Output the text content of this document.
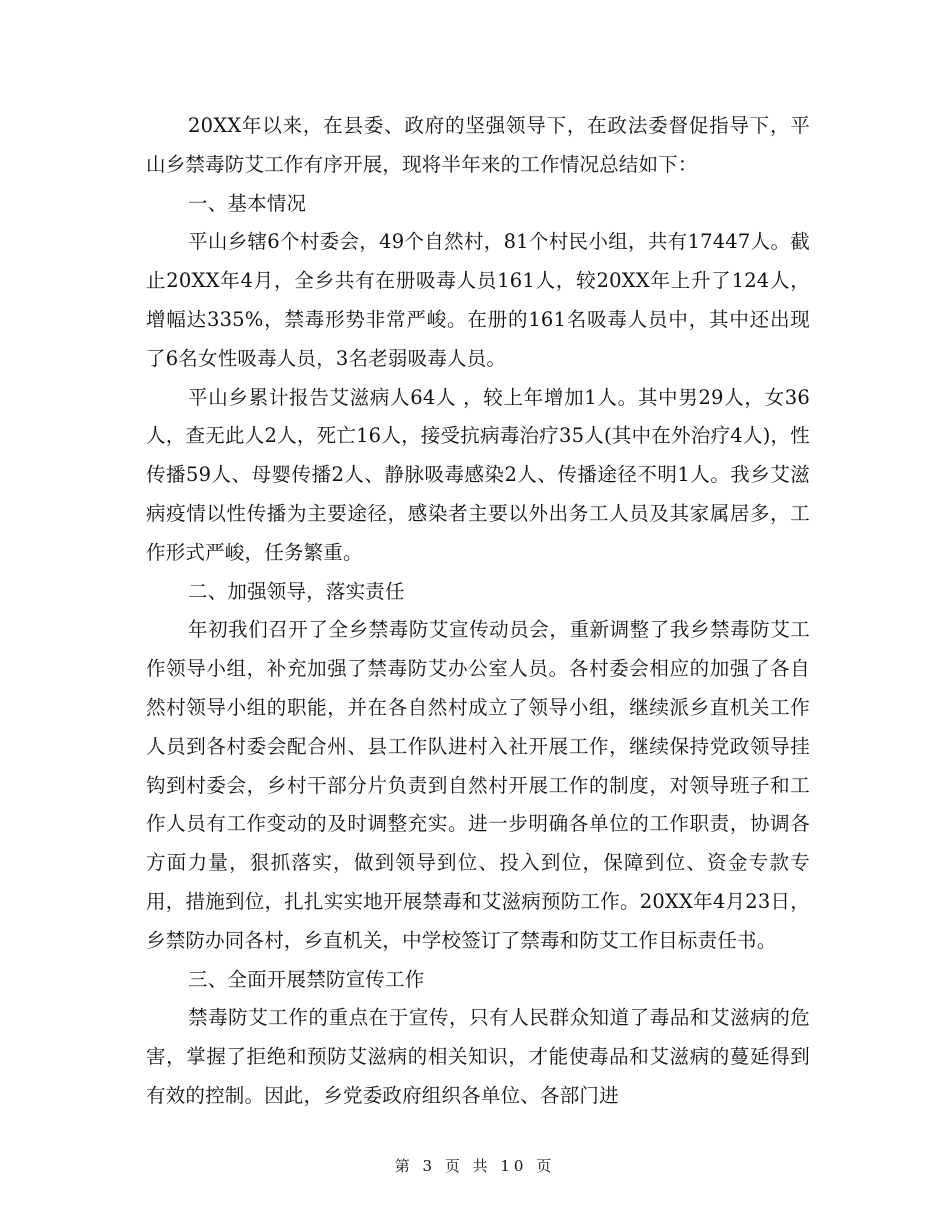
20XX年以来，在县委、政府的坚强领导下，在政法委督促指导下，平山乡禁毒防艾工作有序开展，现将半年来的工作情况总结如下：

一、基本情况

平山乡辖6个村委会，49个自然村，81个村民小组，共有17447人。截止20XX年4月，全乡共有在册吸毒人员161人，较20XX年上升了124人，增幅达335%，禁毒形势非常严峻。在册的161名吸毒人员中，其中还出现了6名女性吸毒人员，3名老弱吸毒人员。

平山乡累计报告艾滋病人64人 ，较上年增加1人。其中男29人，女36人，查无此人2人，死亡16人，接受抗病毒治疗35人(其中在外治疗4人)，性传播59人、母婴传播2人、静脉吸毒感染2人、传播途径不明1人。我乡艾滋病疫情以性传播为主要途径，感染者主要以外出务工人员及其家属居多，工作形式严峻，任务繁重。

二、加强领导，落实责任

年初我们召开了全乡禁毒防艾宣传动员会，重新调整了我乡禁毒防艾工作领导小组，补充加强了禁毒防艾办公室人员。各村委会相应的加强了各自然村领导小组的职能，并在各自然村成立了领导小组，继续派乡直机关工作人员到各村委会配合州、县工作队进村入社开展工作，继续保持党政领导挂钩到村委会，乡村干部分片负责到自然村开展工作的制度，对领导班子和工作人员有工作变动的及时调整充实。进一步明确各单位的工作职责，协调各方面力量，狠抓落实，做到领导到位、投入到位，保障到位、资金专款专用，措施到位，扎扎实实地开展禁毒和艾滋病预防工作。20XX年4月23日，乡禁防办同各村，乡直机关，中学校签订了禁毒和防艾工作目标责任书。

三、全面开展禁防宣传工作

禁毒防艾工作的重点在于宣传，只有人民群众知道了毒品和艾滋病的危害，掌握了拒绝和预防艾滋病的相关知识，才能使毒品和艾滋病的蔓延得到有效的控制。因此，乡党委政府组织各单位、各部门进

第 3 页 共 10 页
